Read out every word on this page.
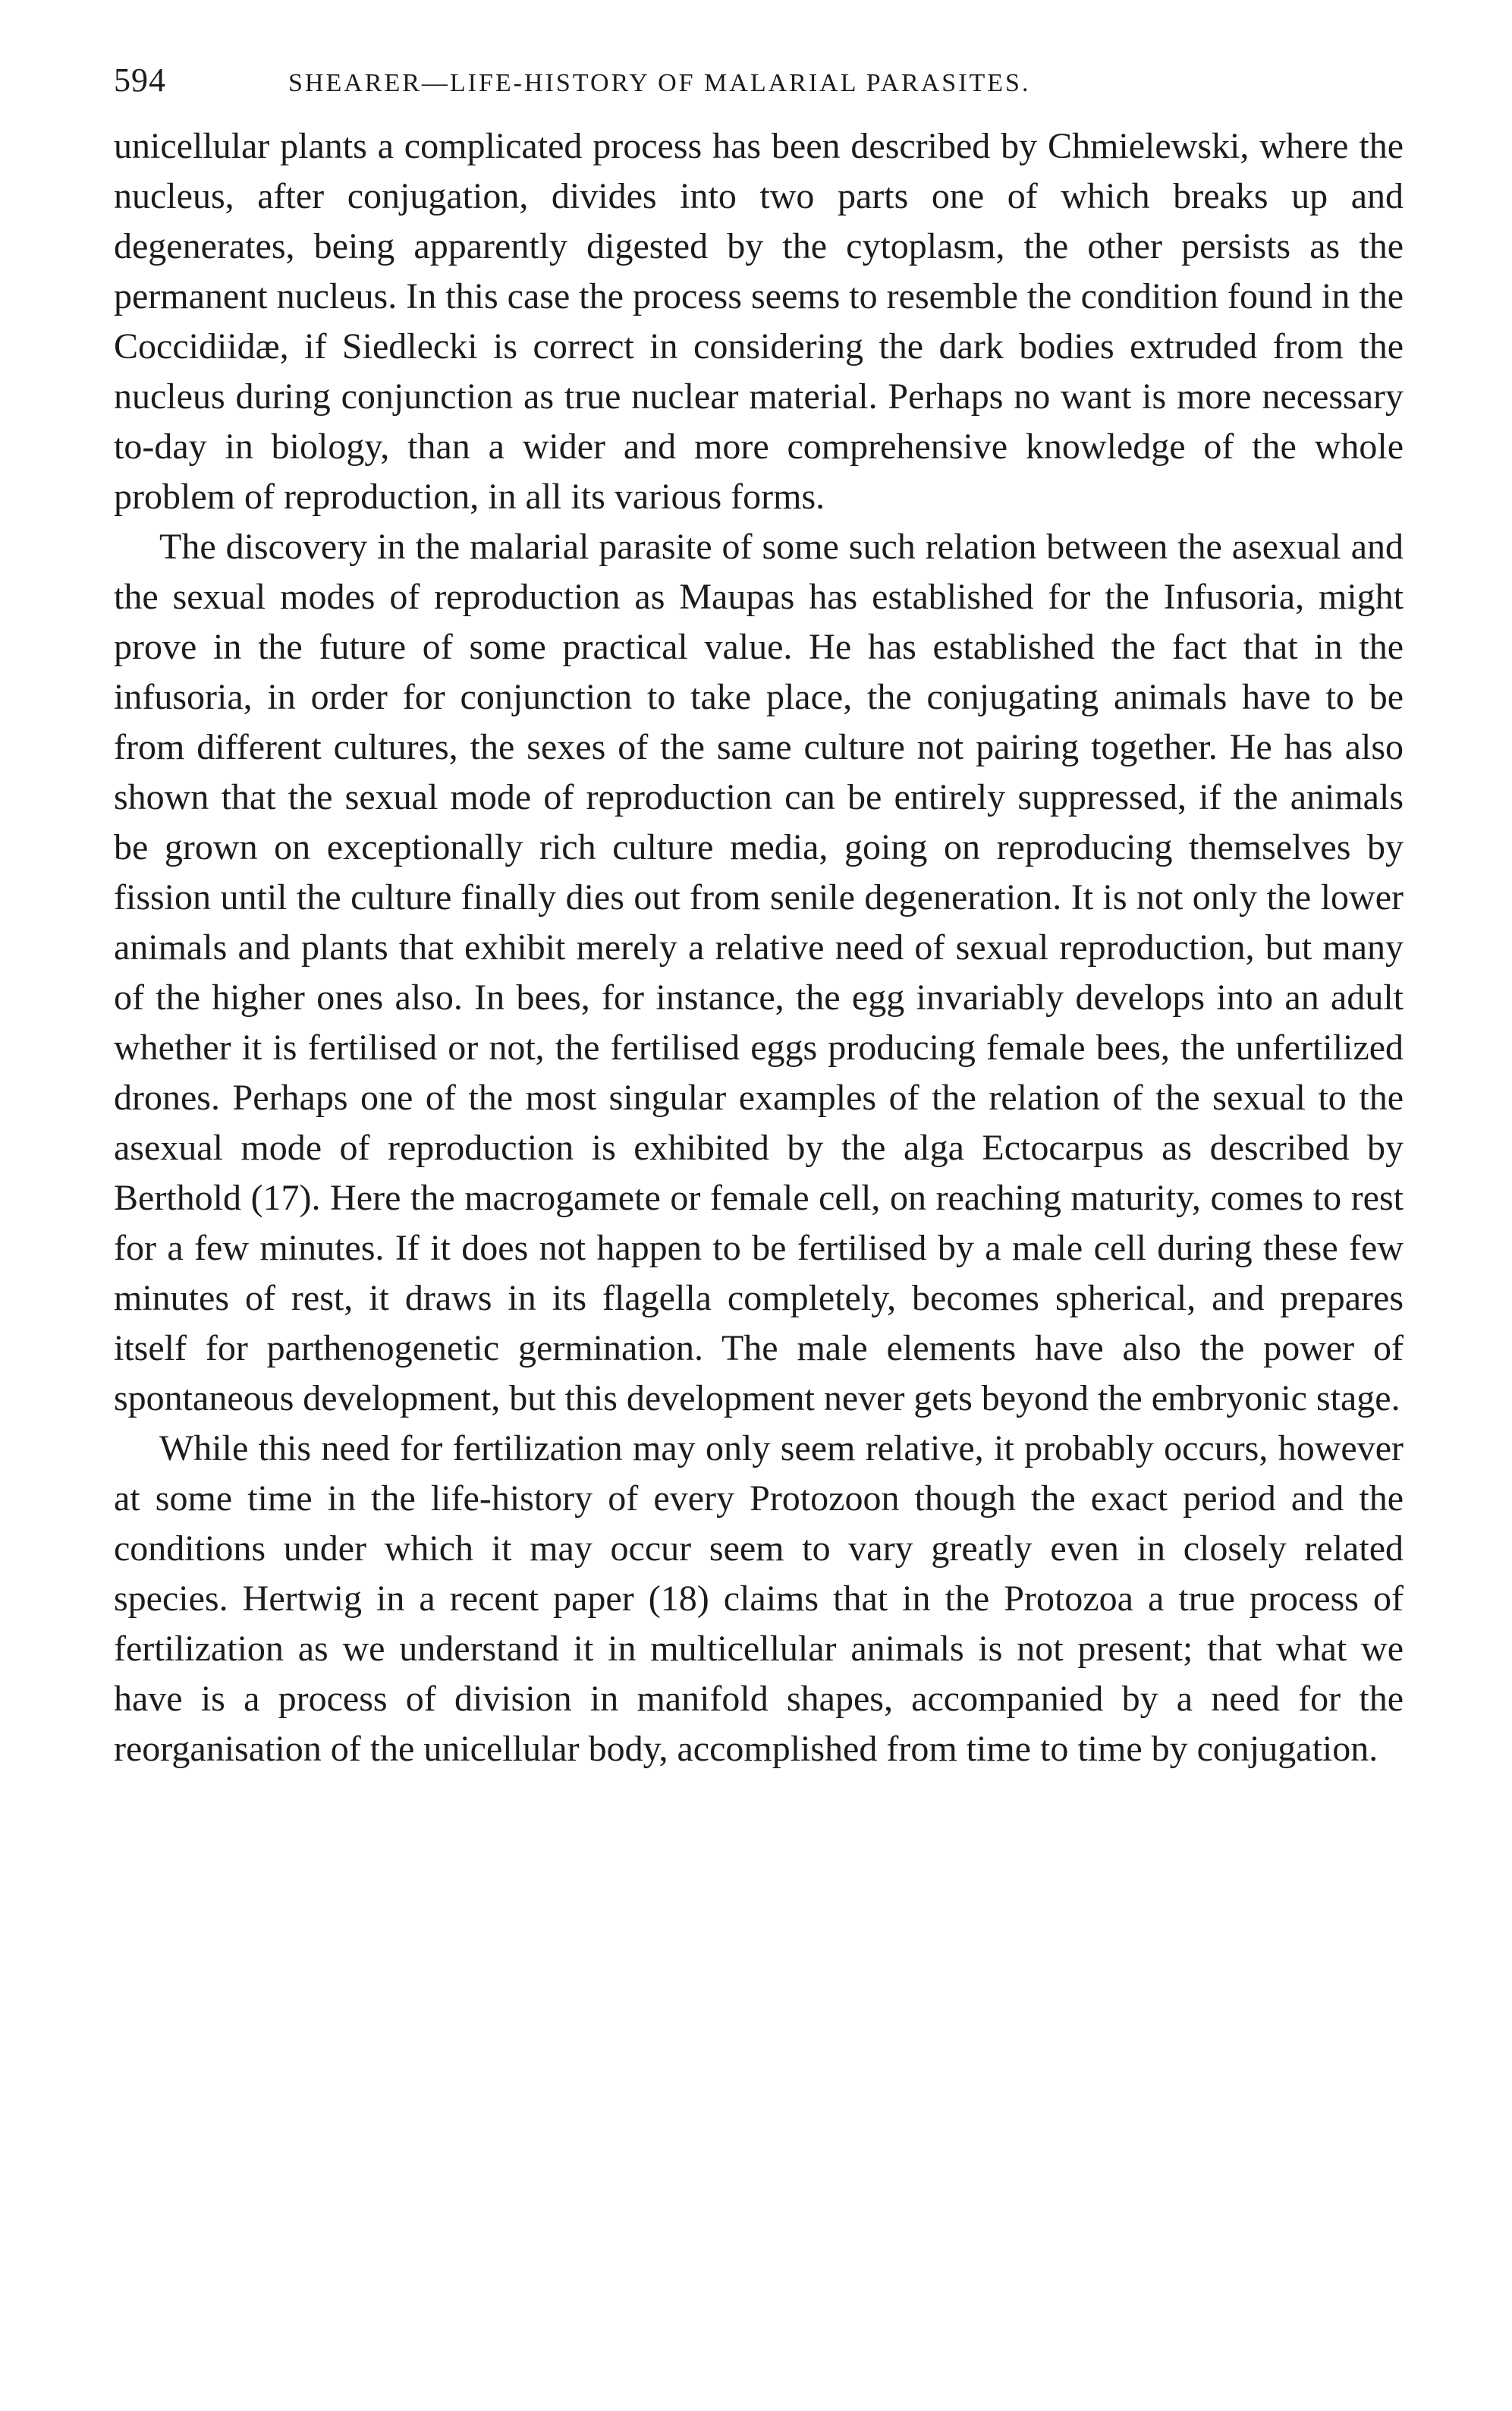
594	SHEARER—LIFE-HISTORY OF MALARIAL PARASITES.

unicellular plants a complicated process has been described by Chmielewski, where the nucleus, after conjugation, divides into two parts one of which breaks up and degenerates, being apparently digested by the cytoplasm, the other persists as the permanent nucleus. In this case the process seems to resemble the condition found in the Coccidiidæ, if Siedlecki is correct in considering the dark bodies extruded from the nucleus during conjunction as true nuclear material. Perhaps no want is more necessary to-day in biology, than a wider and more comprehensive knowledge of the whole problem of reproduction, in all its various forms.

The discovery in the malarial parasite of some such relation between the asexual and the sexual modes of reproduction as Maupas has established for the Infusoria, might prove in the future of some practical value. He has established the fact that in the infusoria, in order for conjunction to take place, the conjugating animals have to be from different cultures, the sexes of the same culture not pairing together. He has also shown that the sexual mode of reproduction can be entirely suppressed, if the animals be grown on exceptionally rich culture media, going on reproducing themselves by fission until the culture finally dies out from senile degeneration. It is not only the lower animals and plants that exhibit merely a relative need of sexual reproduction, but many of the higher ones also. In bees, for instance, the egg invariably develops into an adult whether it is fertilised or not, the fertilised eggs producing female bees, the unfertilized drones. Perhaps one of the most singular examples of the relation of the sexual to the asexual mode of reproduction is exhibited by the alga Ectocarpus as described by Berthold (17). Here the macrogamete or female cell, on reaching maturity, comes to rest for a few minutes. If it does not happen to be fertilised by a male cell during these few minutes of rest, it draws in its flagella completely, becomes spherical, and prepares itself for parthenogenetic germination. The male elements have also the power of spontaneous development, but this development never gets beyond the embryonic stage.

While this need for fertilization may only seem relative, it probably occurs, however at some time in the life-history of every Protozoon though the exact period and the conditions under which it may occur seem to vary greatly even in closely related species. Hertwig in a recent paper (18) claims that in the Protozoa a true process of fertilization as we understand it in multicellular animals is not present; that what we have is a process of division in manifold shapes, accompanied by a need for the reorganisation of the unicellular body, accomplished from time to time by conjugation.
